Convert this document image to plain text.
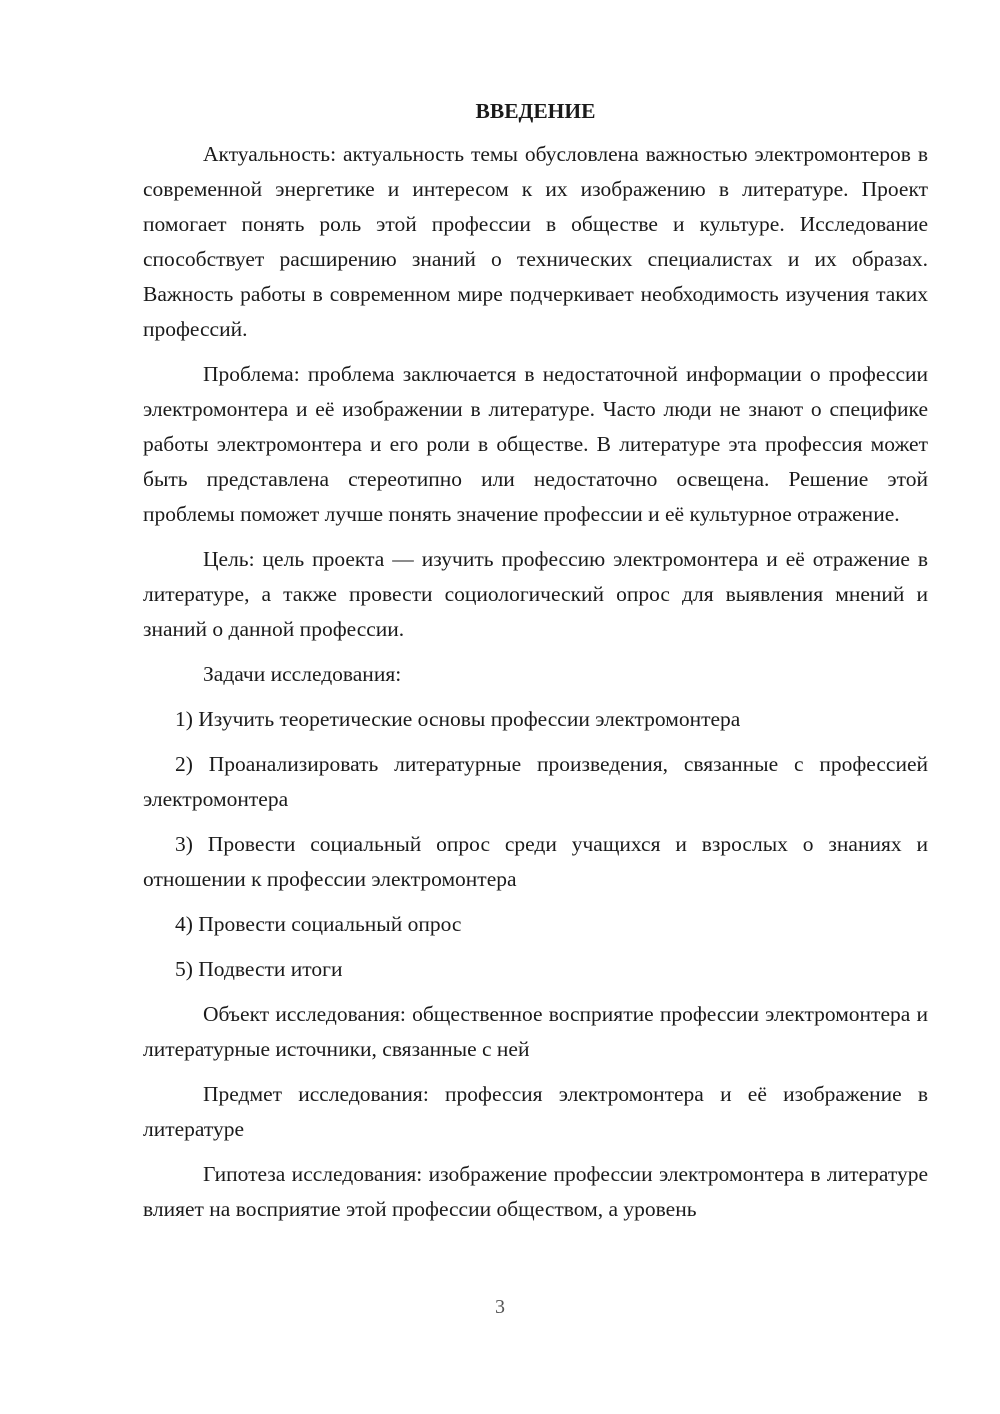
ВВЕДЕНИЕ

Актуальность: актуальность темы обусловлена важностью электромонтеров в современной энергетике и интересом к их изображению в литературе. Проект помогает понять роль этой профессии в обществе и культуре. Исследование способствует расширению знаний о технических специалистах и их образах. Важность работы в современном мире подчеркивает необходимость изучения таких профессий.

Проблема: проблема заключается в недостаточной информации о профессии электромонтера и её изображении в литературе. Часто люди не знают о специфике работы электромонтера и его роли в обществе. В литературе эта профессия может быть представлена стереотипно или недостаточно освещена. Решение этой проблемы поможет лучше понять значение профессии и её культурное отражение.

Цель: цель проекта — изучить профессию электромонтера и её отражение в литературе, а также провести социологический опрос для выявления мнений и знаний о данной профессии.

Задачи исследования:

1) Изучить теоретические основы профессии электромонтера

2) Проанализировать литературные произведения, связанные с профессией электромонтера

3) Провести социальный опрос среди учащихся и взрослых о знаниях и отношении к профессии электромонтера

4) Провести социальный опрос

5) Подвести итоги

Объект исследования: общественное восприятие профессии электромонтера и литературные источники, связанные с ней

Предмет исследования: профессия электромонтера и её изображение в литературе

Гипотеза исследования: изображение профессии электромонтера в литературе влияет на восприятие этой профессии обществом, а уровень

3
